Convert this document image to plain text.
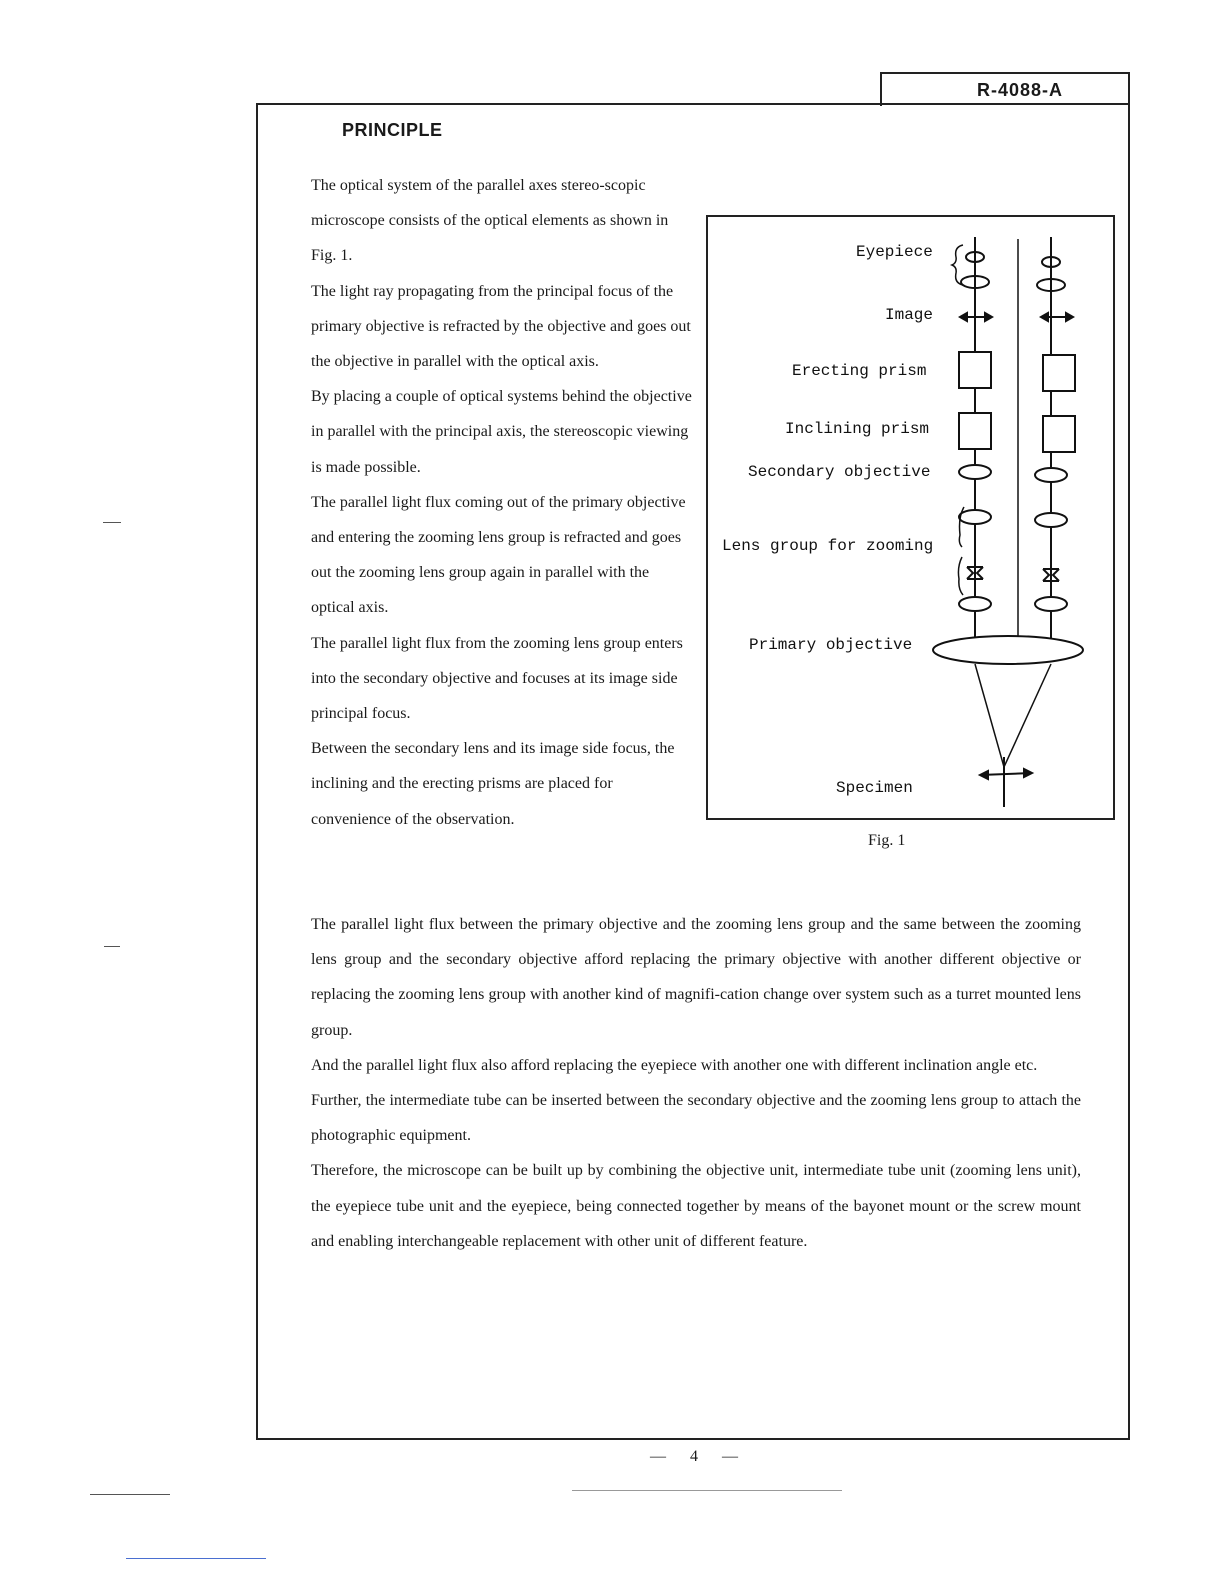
R-4088-A
PRINCIPLE

The optical system of the parallel axes stereo-scopic microscope consists of the optical elements as shown in Fig. 1.

The light ray propagating from the principal focus of the primary objective is refracted by the objective and goes out the objective in parallel with the optical axis.

By placing a couple of optical systems behind the objective in parallel with the principal axis, the stereoscopic viewing is made possible.

The parallel light flux coming out of the primary objective and entering the zooming lens group is refracted and goes out the zooming lens group again in parallel with the optical axis.

The parallel light flux from the zooming lens group enters into the secondary objective and focuses at its image side principal focus.

Between the secondary lens and its image side focus, the inclining and the erecting prisms are placed for convenience of the observation.

Eyepiece
Image
Erecting prism
Inclining prism
Secondary objective
Lens group for zooming
Primary objective
Specimen
Fig. 1

The parallel light flux between the primary objective and the zooming lens group and the same between the zooming lens group and the secondary objective afford replacing the primary objective with another different objective or replacing the zooming lens group with another kind of magnifi-cation change over system such as a turret mounted lens group.

And the parallel light flux also afford replacing the eyepiece with another one with different inclination angle etc.

Further, the intermediate tube can be inserted between the secondary objective and the zooming lens group to attach the photographic equipment.

Therefore, the microscope can be built up by combining the objective unit, intermediate tube unit (zooming lens unit), the eyepiece tube unit and the eyepiece, being connected together by means of the bayonet mount or the screw mount and enabling interchangeable replacement with other unit of different feature.

— 4 —
